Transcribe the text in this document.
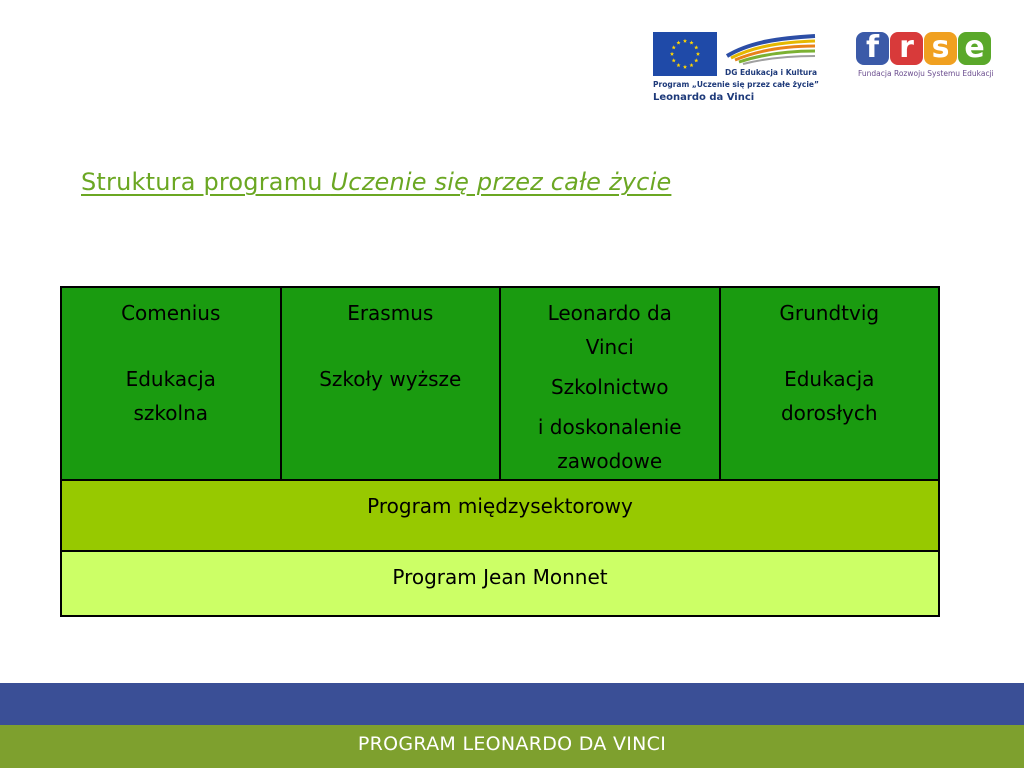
DG Edukacja i Kultura
Program „Uczenie się przez całe życie”
Leonardo da Vinci
f r s e
Fundacja Rozwoju Systemu Edukacji
Struktura programu Uczenie się przez całe życie
Comenius
Edukacja
szkolna

Erasmus
Szkoły wyższe

Leonardo da
Vinci
Szkolnictwo
i doskonalenie
zawodowe

Grundtvig
Edukacja
dorosłych

Program międzysektorowy
Program Jean Monnet
PROGRAM LEONARDO DA VINCI
